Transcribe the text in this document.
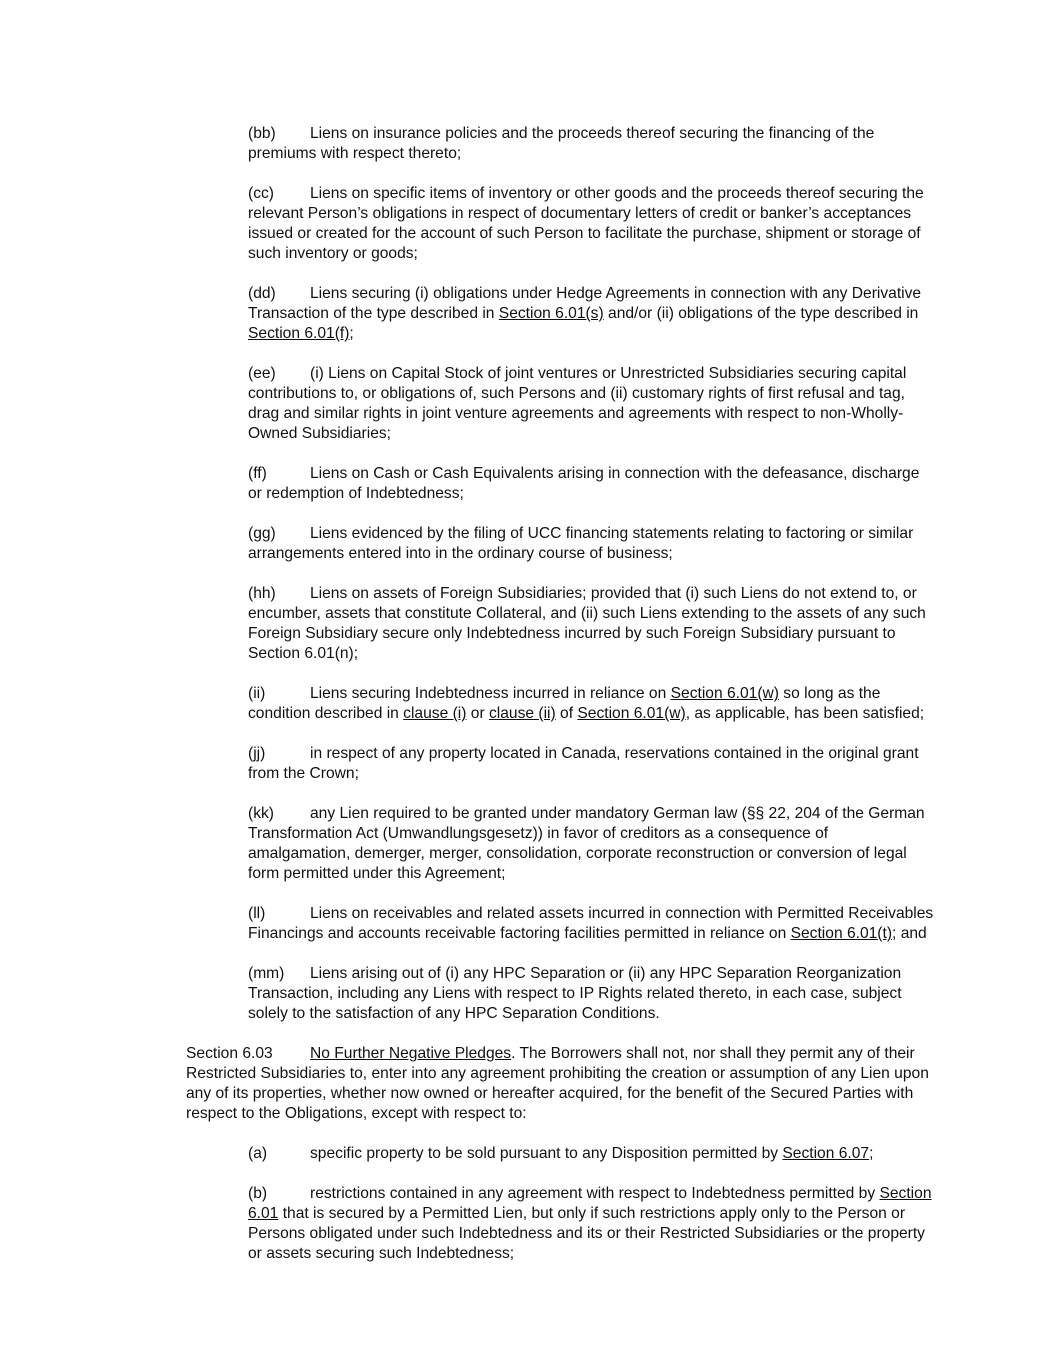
(bb) Liens on insurance policies and the proceeds thereof securing the financing of the premiums with respect thereto;

(cc) Liens on specific items of inventory or other goods and the proceeds thereof securing the relevant Person’s obligations in respect of documentary letters of credit or banker’s acceptances issued or created for the account of such Person to facilitate the purchase, shipment or storage of such inventory or goods;

(dd) Liens securing (i) obligations under Hedge Agreements in connection with any Derivative Transaction of the type described in Section 6.01(s) and/or (ii) obligations of the type described in Section 6.01(f);

(ee) (i) Liens on Capital Stock of joint ventures or Unrestricted Subsidiaries securing capital contributions to, or obligations of, such Persons and (ii) customary rights of first refusal and tag, drag and similar rights in joint venture agreements and agreements with respect to non-Wholly-Owned Subsidiaries;

(ff)	Liens on Cash or Cash Equivalents arising in connection with the defeasance, discharge or redemption of Indebtedness;

(gg) Liens evidenced by the filing of UCC financing statements relating to factoring or similar arrangements entered into in the ordinary course of business;

(hh) Liens on assets of Foreign Subsidiaries; provided that (i) such Liens do not extend to, or encumber, assets that constitute Collateral, and (ii) such Liens extending to the assets of any such Foreign Subsidiary secure only Indebtedness incurred by such Foreign Subsidiary pursuant to Section 6.01(n);

(ii)	Liens securing Indebtedness incurred in reliance on Section 6.01(w) so long as the condition described in clause (i) or clause (ii) of Section 6.01(w), as applicable, has been satisfied;

(jj)	in respect of any property located in Canada, reservations contained in the original grant from the Crown;

(kk) any Lien required to be granted under mandatory German law (§§ 22, 204 of the German Transformation Act (Umwandlungsgesetz)) in favor of creditors as a consequence of amalgamation, demerger, merger, consolidation, corporate reconstruction or conversion of legal form permitted under this Agreement;

(ll)	Liens on receivables and related assets incurred in connection with Permitted Receivables Financings and accounts receivable factoring facilities permitted in reliance on Section 6.01(t); and

(mm) Liens arising out of (i) any HPC Separation or (ii) any HPC Separation Reorganization Transaction, including any Liens with respect to IP Rights related thereto, in each case, subject solely to the satisfaction of any HPC Separation Conditions.

Section 6.03 No Further Negative Pledges. The Borrowers shall not, nor shall they permit any of their Restricted Subsidiaries to, enter into any agreement prohibiting the creation or assumption of any Lien upon any of its properties, whether now owned or hereafter acquired, for the benefit of the Secured Parties with respect to the Obligations, except with respect to:

(a)	specific property to be sold pursuant to any Disposition permitted by Section 6.07;

(b)	restrictions contained in any agreement with respect to Indebtedness permitted by Section 6.01 that is secured by a Permitted Lien, but only if such restrictions apply only to the Person or Persons obligated under such Indebtedness and its or their Restricted Subsidiaries or the property or assets securing such Indebtedness;
